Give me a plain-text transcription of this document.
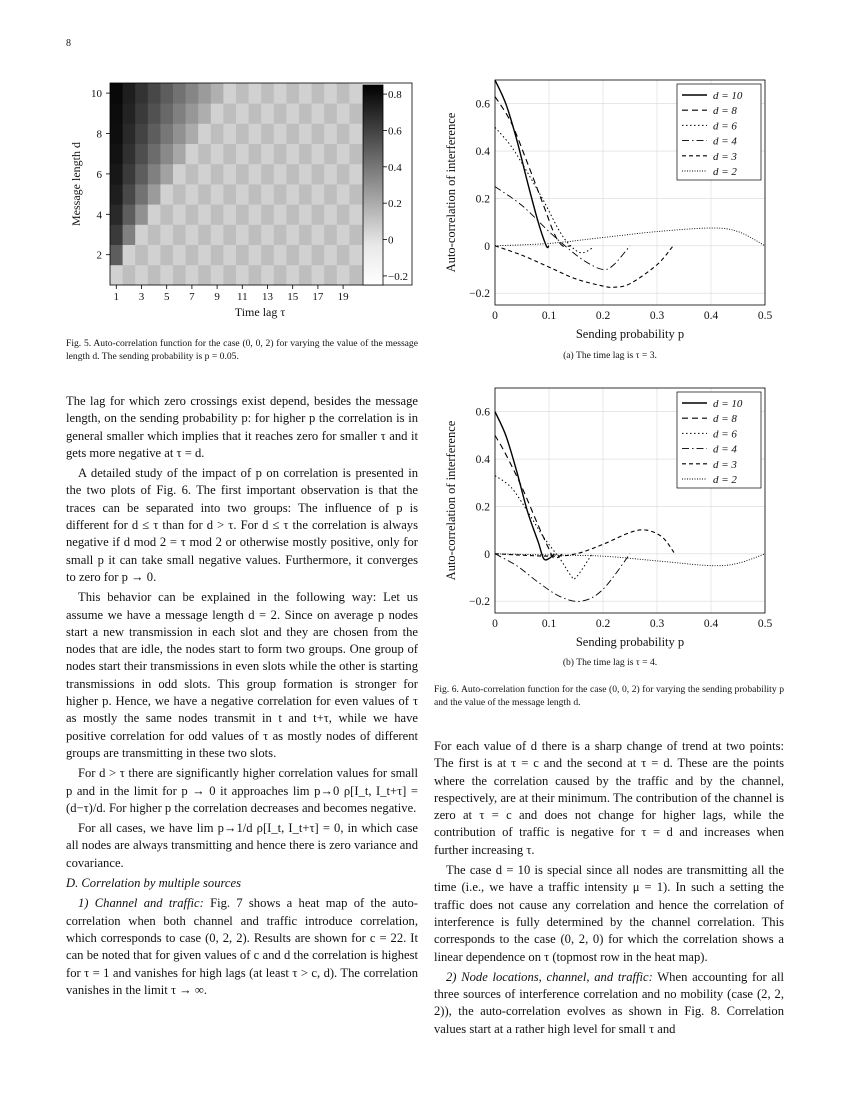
8
1 3 5 7 9 11 13 15 17 19
2
4
6
8
10
Message length d
Time lag τ
0.8
0.6
0.4
0.2
0
−0.2
Fig. 5. Auto-correlation function for the case (0, 0, 2) for varying the value of the message length d. The sending probability is p = 0.05.
0	0.1	0.2	0.3	0.4	0.5
−0.2
0
0.2
0.4
0.6
Auto-correlation of interference
Sending probability p
d = 10
d = 8
d = 6
d = 4
d = 3
d = 2
(a) The time lag is τ = 3.
0	0.1	0.2	0.3	0.4	0.5
−0.2
0
0.2
0.4
0.6
Auto-correlation of interference
Sending probability p
d = 10
d = 8
d = 6
d = 4
d = 3
d = 2
(b) The time lag is τ = 4.
Fig. 6. Auto-correlation function for the case (0, 0, 2) for varying the sending probability p and the value of the message length d.

The lag for which zero crossings exist depend, besides the message length, on the sending probability p: for higher p the correlation is in general smaller which implies that it reaches zero for smaller τ and it gets more negative at τ = d.

A detailed study of the impact of p on correlation is presented in the two plots of Fig. 6. The first important observation is that the traces can be separated into two groups: The influence of p is different for d ≤ τ than for d > τ. For d ≤ τ the correlation is always negative if d mod 2 = τ mod 2 or otherwise mostly positive, only for small p it can take small negative values. Furthermore, it converges to zero for p → 0.

This behavior can be explained in the following way: Let us assume we have a message length d = 2. Since on average p nodes start a new transmission in each slot and they are chosen from the nodes that are idle, the nodes start to form two groups. One group of nodes start their transmissions in even slots while the other is starting transmissions in odd slots. This group formation is stronger for higher p. Hence, we have a negative correlation for even values of τ as mostly the same nodes transmit in t and t+τ, while we have positive correlation for odd values of τ as mostly nodes of different groups are transmitting in these two slots.

For d > τ there are significantly higher correlation values for small p and in the limit for p → 0 it approaches lim p→0 ρ[I_t, I_t+τ] = (d−τ)/d. For higher p the correlation decreases and becomes negative.

For all cases, we have lim p→1/d ρ[I_t, I_t+τ] = 0, in which case all nodes are always transmitting and hence there is zero variance and covariance.

D. Correlation by multiple sources

1) Channel and traffic: Fig. 7 shows a heat map of the auto-correlation when both channel and traffic introduce correlation, which corresponds to case (0, 2, 2). Results are shown for c = 22. It can be noted that for given values of c and d the correlation is highest for τ = 1 and vanishes for high lags (at least τ > c, d). The correlation vanishes in the limit τ → ∞.

For each value of d there is a sharp change of trend at two points: The first is at τ = c and the second at τ = d. These are the points where the correlation caused by the traffic and by the channel, respectively, are at their minimum. The contribution of the channel is zero at τ = c and does not change for higher lags, while the contribution of traffic is negative for τ = d and increases when further increasing τ.

The case d = 10 is special since all nodes are transmitting all the time (i.e., we have a traffic intensity μ = 1). In such a setting the traffic does not cause any correlation and hence the correlation of interference is fully determined by the channel correlation. This corresponds to the case (0, 2, 0) for which the correlation shows a linear dependence on τ (topmost row in the heat map).

2) Node locations, channel, and traffic: When accounting for all three sources of interference correlation and no mobility (case (2, 2, 2)), the auto-correlation evolves as shown in Fig. 8. Correlation values start at a rather high level for small τ and
